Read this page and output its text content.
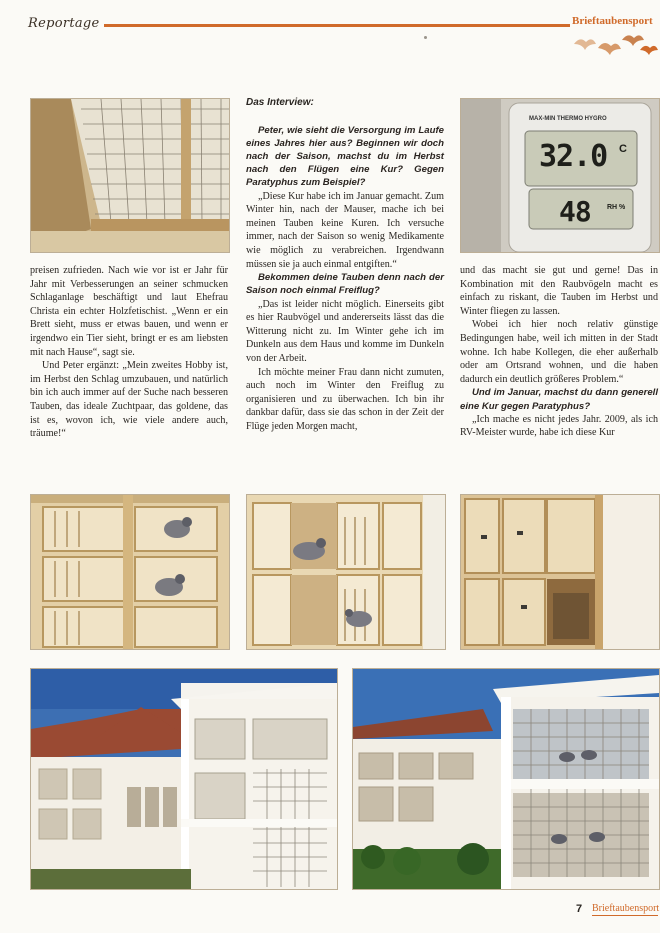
Reportage	Brieftaubensport
MAX-MIN THERMO HYGRO
32.0 C
48 RH %

preisen zufrieden. Nach wie vor ist er Jahr für Jahr mit Verbesserungen an seiner schmucken Schlaganlage beschäftigt und laut Ehefrau Christa ein echter Holzfetischist. „Wenn er ein Brett sieht, muss er etwas bauen, und wenn er irgendwo ein Tier sieht, bringt er es am liebsten mit nach Hause“, sagt sie.

Und Peter ergänzt: „Mein zweites Hobby ist, im Herbst den Schlag umzubauen, und natürlich bin ich auch immer auf der Suche nach besseren Tauben, das ideale Zuchtpaar, das goldene, das ist es, wovon ich, wie viele andere auch, träume!“

Das Interview:

Peter, wie sieht die Versorgung im Laufe eines Jahres hier aus? Beginnen wir doch nach der Saison, machst du im Herbst nach den Flügen eine Kur? Gegen Paratyphus zum Beispiel?

„Diese Kur habe ich im Januar gemacht. Zum Winter hin, nach der Mauser, mache ich bei meinen Tauben keine Kuren. Ich versuche immer, nach der Saison so wenig Medikamente wie möglich zu verabreichen. Irgendwann müssen sie ja auch einmal entgiften.“

Bekommen deine Tauben denn nach der Saison noch einmal Freiflug?

„Das ist leider nicht möglich. Einerseits gibt es hier Raubvögel und andererseits lässt das die Witterung nicht zu. Im Winter gehe ich im Dunkeln aus dem Haus und komme im Dunkeln von der Arbeit.

Ich möchte meiner Frau dann nicht zumuten, auch noch im Winter den Freiflug zu organisieren und zu überwachen. Ich bin ihr dankbar dafür, dass sie das schon in der Zeit der Flüge jeden Morgen macht,

und das macht sie gut und gerne! Das in Kombination mit den Raubvögeln macht es einfach zu riskant, die Tauben im Herbst und Winter fliegen zu lassen.

Wobei ich hier noch relativ günstige Bedingungen habe, weil ich mitten in der Stadt wohne. Ich habe Kollegen, die eher außerhalb oder am Ortsrand wohnen, und die haben dadurch ein deutlich größeres Problem.“

Und im Januar, machst du dann generell eine Kur gegen Paratyphus?

„Ich mache es nicht jedes Jahr. 2009, als ich RV-Meister wurde, habe ich diese Kur

7 Brieftaubensport
